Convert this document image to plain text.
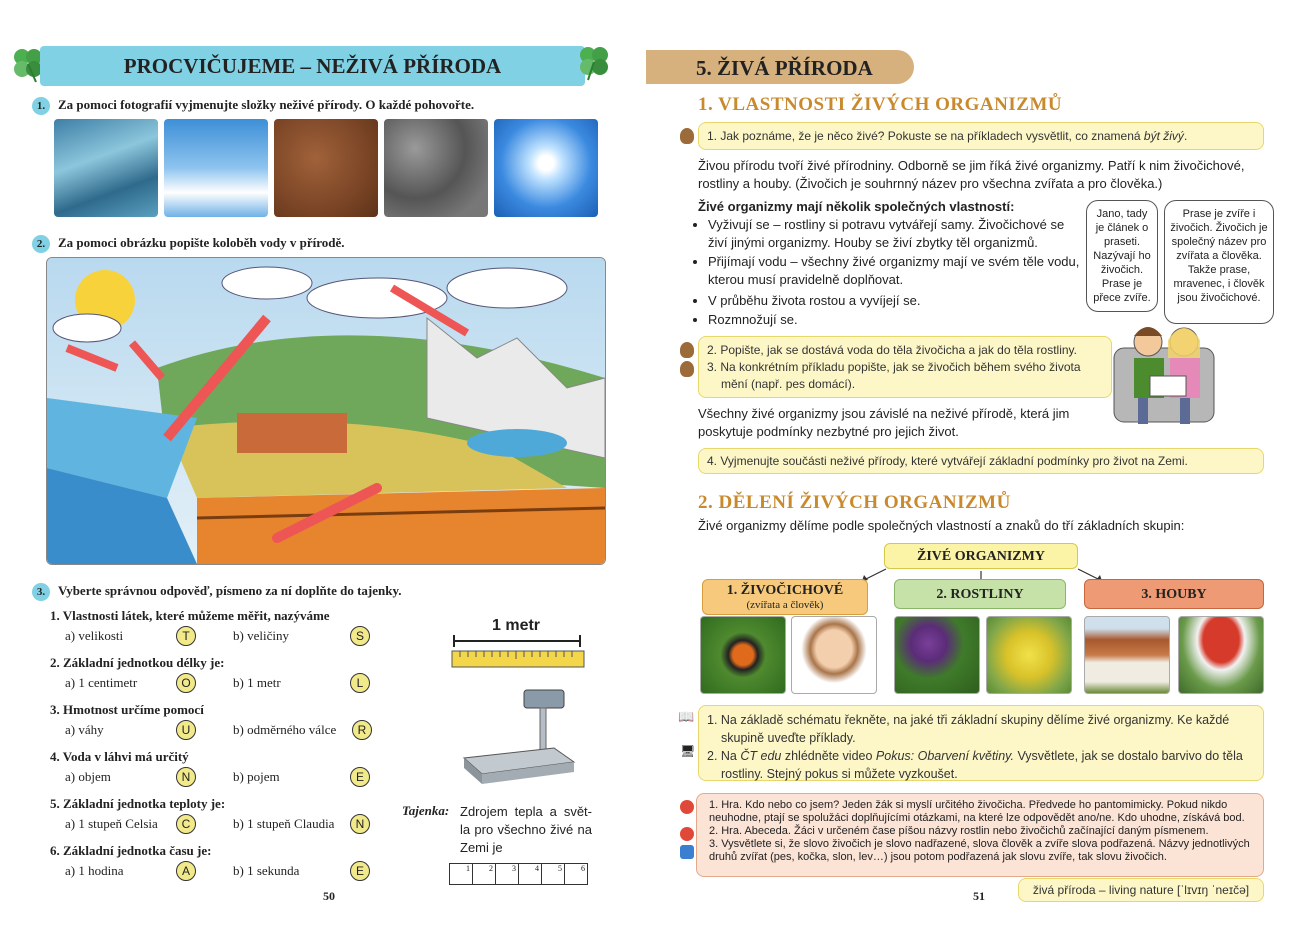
PROCVIČUJEME – NEŽIVÁ PŘÍRODA
1. Za pomoci fotografií vyjmenujte složky neživé přírody. O každé pohovořte.
2. Za pomoci obrázku popište koloběh vody v přírodě.
3. Vyberte správnou odpověď, písmeno za ní doplňte do tajenky.
1. Vlastnosti látek, které můžeme měřit, nazýváme
a) velikosti	T	b) veličiny	S
2. Základní jednotkou délky je:
a) 1 centimetr	O	b) 1 metr	L
3. Hmotnost určíme pomocí
a) váhy	U	b) odměrného válce	R
4. Voda v láhvi má určitý
a) objem	N	b) pojem	E
5. Základní jednotka teploty je:
a) 1 stupeň Celsia	C	b) 1 stupeň Claudia	N
6. Základní jednotka času je:
a) 1 hodina	A	b) 1 sekunda	E
1 metr
Tajenka: Zdrojem tepla a svět-la pro všechno živé na Zemi je
1	2	3	4	5	6
50
5. ŽIVÁ PŘÍRODA
1. VLASTNOSTI ŽIVÝCH ORGANIZMŮ
1. Jak poznáme, že je něco živé? Pokuste se na příkladech vysvětlit, co znamená být živý.
Živou přírodu tvoří živé přírodniny. Odborně se jim říká živé organizmy. Patří k nim živočichové, rostliny a houby. (Živočich je souhrnný název pro všechna zvířata a pro člověka.)
Živé organizmy mají několik společných vlastností:
• Vyživují se – rostliny si potravu vytvářejí samy. Živočichové se živí jinými organizmy. Houby se živí zbytky těl organizmů.
• Přijímají vodu – všechny živé organizmy mají ve svém těle vodu, kterou musí pravidelně doplňovat.
• V průběhu života rostou a vyvíjejí se.
• Rozmnožují se.
Jano, tady je článek o praseti. Nazývají ho živočich. Prase je přece zvíře.
Prase je zvíře i živočich. Živočich je společný název pro zvířata a člověka. Takže prase, mravenec, i člověk jsou živočichové.
2. Popište, jak se dostává voda do těla živočicha a jak do těla rostliny.
3. Na konkrétním příkladu popište, jak se živočich během svého života mění (např. pes domácí).
Všechny živé organizmy jsou závislé na neživé přírodě, která jim poskytuje podmínky nezbytné pro jejich život.
4. Vyjmenujte součásti neživé přírody, které vytvářejí základní podmínky pro život na Zemi.
2. DĚLENÍ ŽIVÝCH ORGANIZMŮ
Živé organizmy dělíme podle společných vlastností a znaků do tří základních skupin:
ŽIVÉ ORGANIZMY
1. ŽIVOČICHOVÉ
(zvířata a člověk)
2. ROSTLINY	3. HOUBY
📖
🖥
1. Na základě schématu řekněte, na jaké tři základní skupiny dělíme živé organizmy. Ke každé skupině uveďte příklady.
2. Na ČT edu zhlédněte video Pokus: Obarvení květiny. Vysvětlete, jak se dostalo barvivo do těla rostliny. Stejný pokus si můžete vyzkoušet.
1. Hra. Kdo nebo co jsem? Jeden žák si myslí určitého živočicha. Předvede ho pantomimicky. Pokud nikdo neuhodne, ptají se spolužáci doplňujícími otázkami, na které lze odpovědět ano/ne. Kdo uhodne, získává bod.
2. Hra. Abeceda. Žáci v určeném čase píšou názvy rostlin nebo živočichů začínající daným písmenem.
3. Vysvětlete si, že slovo živočich je slovo nadřazené, slova člověk a zvíře slova podřazená. Názvy jednotlivých druhů zvířat (pes, kočka, slon, lev…) jsou potom podřazená jak slovu zvíře, tak slovu živočich.
51	živá příroda – living nature [ˈlɪvɪŋ ˈneɪčə]
